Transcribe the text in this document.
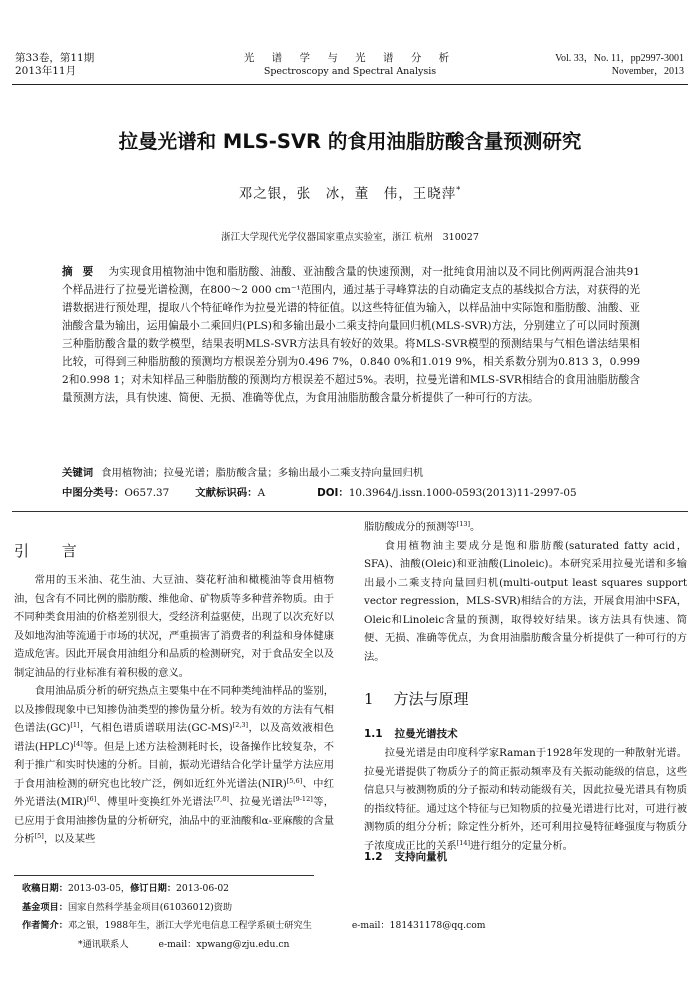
第33卷，第11期
2013年11月
光 谱 学 与 光 谱 分 析
Spectroscopy and Spectral Analysis
Vol. 33，No. 11，pp2997-3001
November，2013
拉曼光谱和 MLS-SVR 的食用油脂肪酸含量预测研究
邓之银，张　冰，董　伟，王晓萍*
浙江大学现代光学仪器国家重点实验室，浙江 杭州　310027
摘 要 为实现食用植物油中饱和脂肪酸、油酸、亚油酸含量的快速预测，对一批纯食用油以及不同比例两两混合油共91个样品进行了拉曼光谱检测，在800～2 000 cm⁻¹范围内，通过基于寻峰算法的自动确定支点的基线拟合方法，对获得的光谱数据进行预处理，提取八个特征峰作为拉曼光谱的特征值。以这些特征值为输入，以样品油中实际饱和脂肪酸、油酸、亚油酸含量为输出，运用偏最小二乘回归(PLS)和多输出最小二乘支持向量回归机(MLS-SVR)方法，分别建立了可以同时预测三种脂肪酸含量的数学模型，结果表明MLS-SVR方法具有较好的效果。将MLS-SVR模型的预测结果与气相色谱法结果相比较，可得到三种脂肪酸的预测均方根误差分别为0.496 7%，0.840 0%和1.019 9%，相关系数分别为0.813 3，0.999 2和0.998 1；对未知样品三种脂肪酸的预测均方根误差不超过5%。表明，拉曼光谱和MLS-SVR相结合的食用油脂肪酸含量预测方法，具有快速、简便、无损、准确等优点，为食用油脂肪酸含量分析提供了一种可行的方法。
关键词 食用植物油；拉曼光谱；脂肪酸含量；多输出最小二乘支持向量回归机
中图分类号：O657.37	文献标识码：A	DOI：10.3964/j.issn.1000-0593(2013)11-2997-05
引 言

常用的玉米油、花生油、大豆油、葵花籽油和橄榄油等食用植物油，包含有不同比例的脂肪酸、维他命、矿物质等多种营养物质。由于不同种类食用油的价格差别很大，受经济利益驱使，出现了以次充好以及如地沟油等流通于市场的状况，严重损害了消费者的利益和身体健康造成危害。因此开展食用油组分和品质的检测研究，对于食品安全以及制定油品的行业标准有着积极的意义。

食用油品质分析的研究热点主要集中在不同种类纯油样品的鉴别，以及掺假现象中已知掺伪油类型的掺伪量分析。较为有效的方法有气相色谱法(GC)[1]，气相色谱质谱联用法(GC-MS)[2,3]，以及高效液相色谱法(HPLC)[4]等。但是上述方法检测耗时长，设备操作比较复杂，不利于推广和实时快速的分析。目前，振动光谱结合化学计量学方法应用于食用油检测的研究也比较广泛，例如近红外光谱法(NIR)[5,6]、中红外光谱法(MIR)[6]、傅里叶变换红外光谱法[7,8]、拉曼光谱法[9-12]等，已应用于食用油掺伪量的分析研究，油品中的亚油酸和α-亚麻酸的含量分析[5]，以及某些

脂肪酸成分的预测等[13]。

食用植物油主要成分是饱和脂肪酸(saturated fatty acid，SFA)、油酸(Oleic)和亚油酸(Linoleic)。本研究采用拉曼光谱和多输出最小二乘支持向量回归机(multi-output least squares support vector regression，MLS-SVR)相结合的方法，开展食用油中SFA，Oleic和Linoleic含量的预测，取得较好结果。该方法具有快速、简便、无损、准确等优点，为食用油脂肪酸含量分析提供了一种可行的方法。

1 方法与原理
1.1 拉曼光谱技术

拉曼光谱是由印度科学家Raman于1928年发现的一种散射光谱。拉曼光谱提供了物质分子的简正振动频率及有关振动能级的信息，这些信息只与被测物质的分子振动和转动能级有关，因此拉曼光谱具有物质的指纹特征。通过这个特征与已知物质的拉曼光谱进行比对，可进行被测物质的组分分析；除定性分析外，还可利用拉曼特征峰强度与物质分子浓度成正比的关系[14]进行组分的定量分析。

1.2 支持向量机
收稿日期：2013-03-05，修订日期：2013-06-02
基金项目：国家自然科学基金项目(61036012)资助
作者简介：邓之银，1988年生，浙江大学光电信息工程学系硕士研究生	e-mail：181431178@qq.com
*通讯联系人	e-mail：xpwang@zju.edu.cn
